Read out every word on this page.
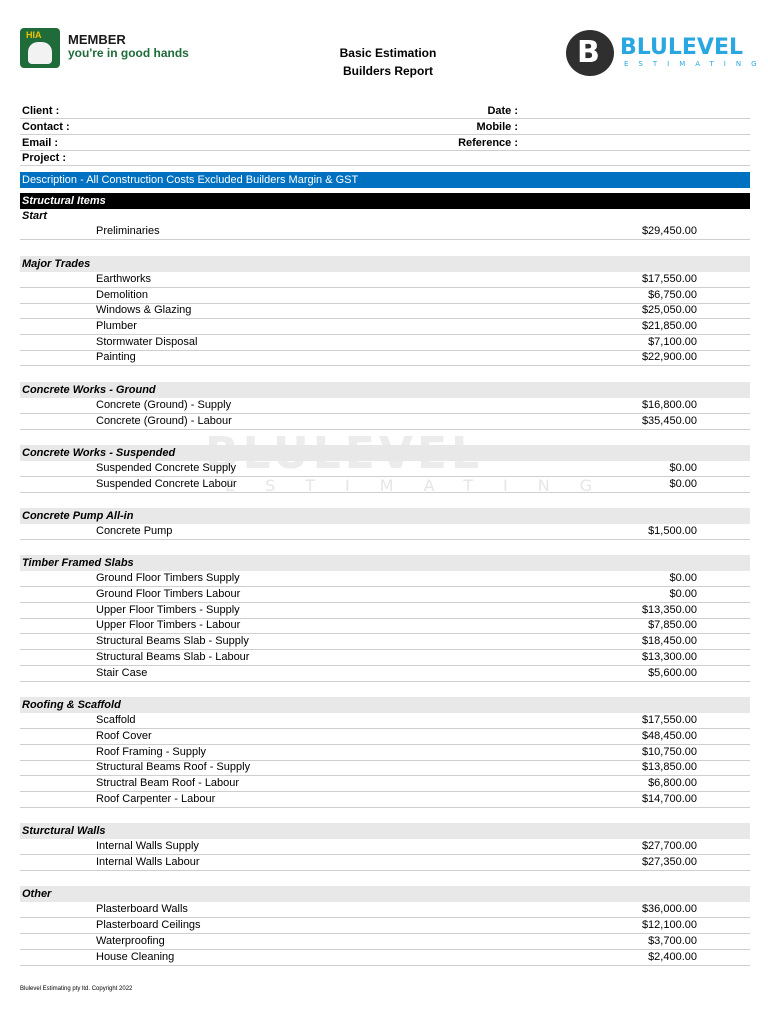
HIA MEMBER
you're in good hands	Basic Estimation
Builders Report
B BLULEVEL
ESTIMATING
Client :	Date :
Contact :	Mobile :
Email :	Reference :
Project :
Description - All Construction Costs Excluded Builders Margin & GST
Structural Items
ESTIMATING
Start
Preliminaries	$29,450.00
Major Trades
Earthworks	$17,550.00
Demolition	$6,750.00
Windows & Glazing	$25,050.00
Plumber	$21,850.00
Stormwater Disposal	$7,100.00
Painting	$22,900.00
Concrete Works - Ground
Concrete (Ground) - Supply	$16,800.00
Concrete (Ground) - Labour	$35,450.00
Concrete Works - Suspended
Suspended Concrete Supply	$0.00
Suspended Concrete Labour	$0.00
Concrete Pump All-in
Concrete Pump	$1,500.00
Timber Framed Slabs
Ground Floor Timbers Supply	$0.00
Ground Floor Timbers Labour	$0.00
Upper Floor Timbers - Supply	$13,350.00
Upper Floor Timbers - Labour	$7,850.00
Structural Beams Slab - Supply	$18,450.00
Structural Beams Slab - Labour	$13,300.00
Stair Case	$5,600.00
Roofing & Scaffold
Scaffold	$17,550.00
Roof Cover	$48,450.00
Roof Framing - Supply	$10,750.00
Structural Beams Roof - Supply	$13,850.00
Structral Beam Roof - Labour	$6,800.00
Roof Carpenter - Labour	$14,700.00
Sturctural Walls
Internal Walls Supply	$27,700.00
Internal Walls Labour	$27,350.00
Other
Plasterboard Walls	$36,000.00
Plasterboard Ceilings	$12,100.00
Waterproofing	$3,700.00
House Cleaning	$2,400.00
Blulevel Estimating pty ltd. Copyright 2022
